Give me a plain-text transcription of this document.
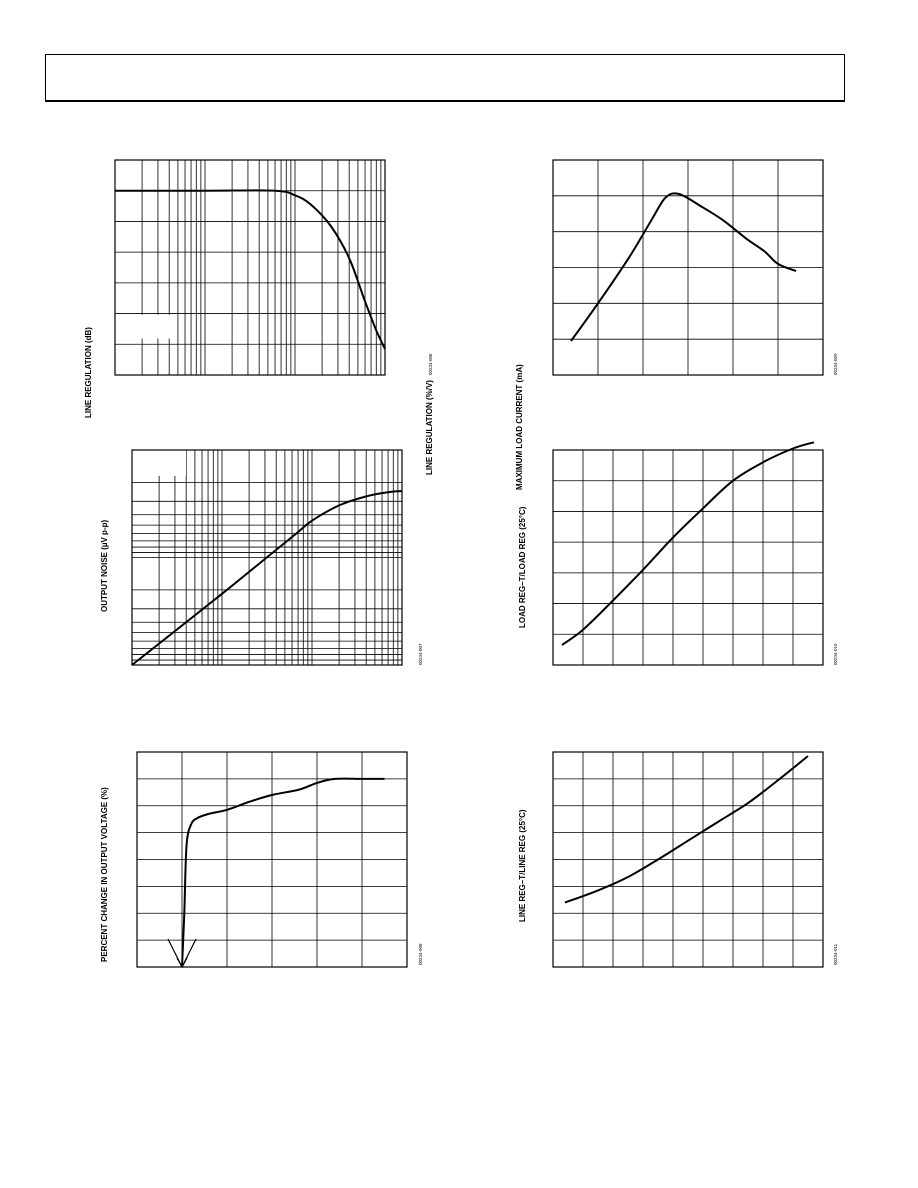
LINE REGULATION (dB)
LINE REGULATION (%/V)
00234-006	MAXIMUM LOAD CURRENT (mA)	00234-009
OUTPUT NOISE (µV p-p)
00234-007
LOAD REG–T/LOAD REG (25°C)
00234-010
PERCENT CHANGE IN OUTPUT VOLTAGE (%)	00234-008
LINE REG–T/LINE REG (25°C)
00234-011
